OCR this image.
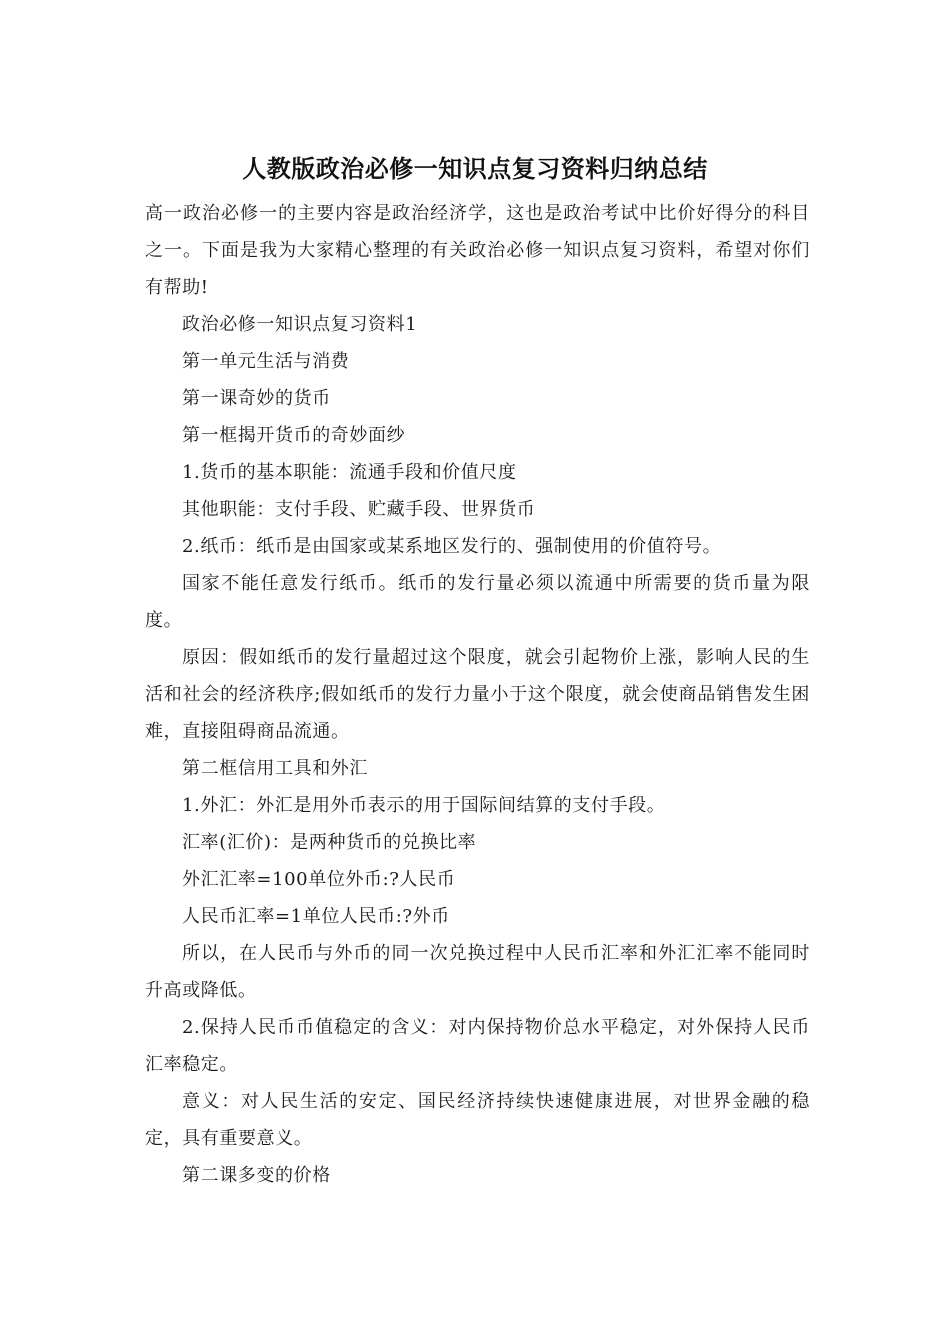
人教版政治必修一知识点复习资料归纳总结

高一政治必修一的主要内容是政治经济学，这也是政治考试中比价好得分的科目之一。下面是我为大家精心整理的有关政治必修一知识点复习资料，希望对你们有帮助!

政治必修一知识点复习资料1

第一单元生活与消费

第一课奇妙的货币

第一框揭开货币的奇妙面纱

1.货币的基本职能：流通手段和价值尺度

其他职能：支付手段、贮藏手段、世界货币

2.纸币：纸币是由国家或某系地区发行的、强制使用的价值符号。

国家不能任意发行纸币。纸币的发行量必须以流通中所需要的货币量为限度。

原因：假如纸币的发行量超过这个限度，就会引起物价上涨，影响人民的生活和社会的经济秩序;假如纸币的发行力量小于这个限度，就会使商品销售发生困难，直接阻碍商品流通。

第二框信用工具和外汇

1.外汇：外汇是用外币表示的用于国际间结算的支付手段。

汇率(汇价)：是两种货币的兑换比率

外汇汇率=100单位外币:?人民币

人民币汇率=1单位人民币:?外币

所以，在人民币与外币的同一次兑换过程中人民币汇率和外汇汇率不能同时升高或降低。

2.保持人民币币值稳定的含义：对内保持物价总水平稳定，对外保持人民币汇率稳定。

意义：对人民生活的安定、国民经济持续快速健康进展，对世界金融的稳定，具有重要意义。

第二课多变的价格
